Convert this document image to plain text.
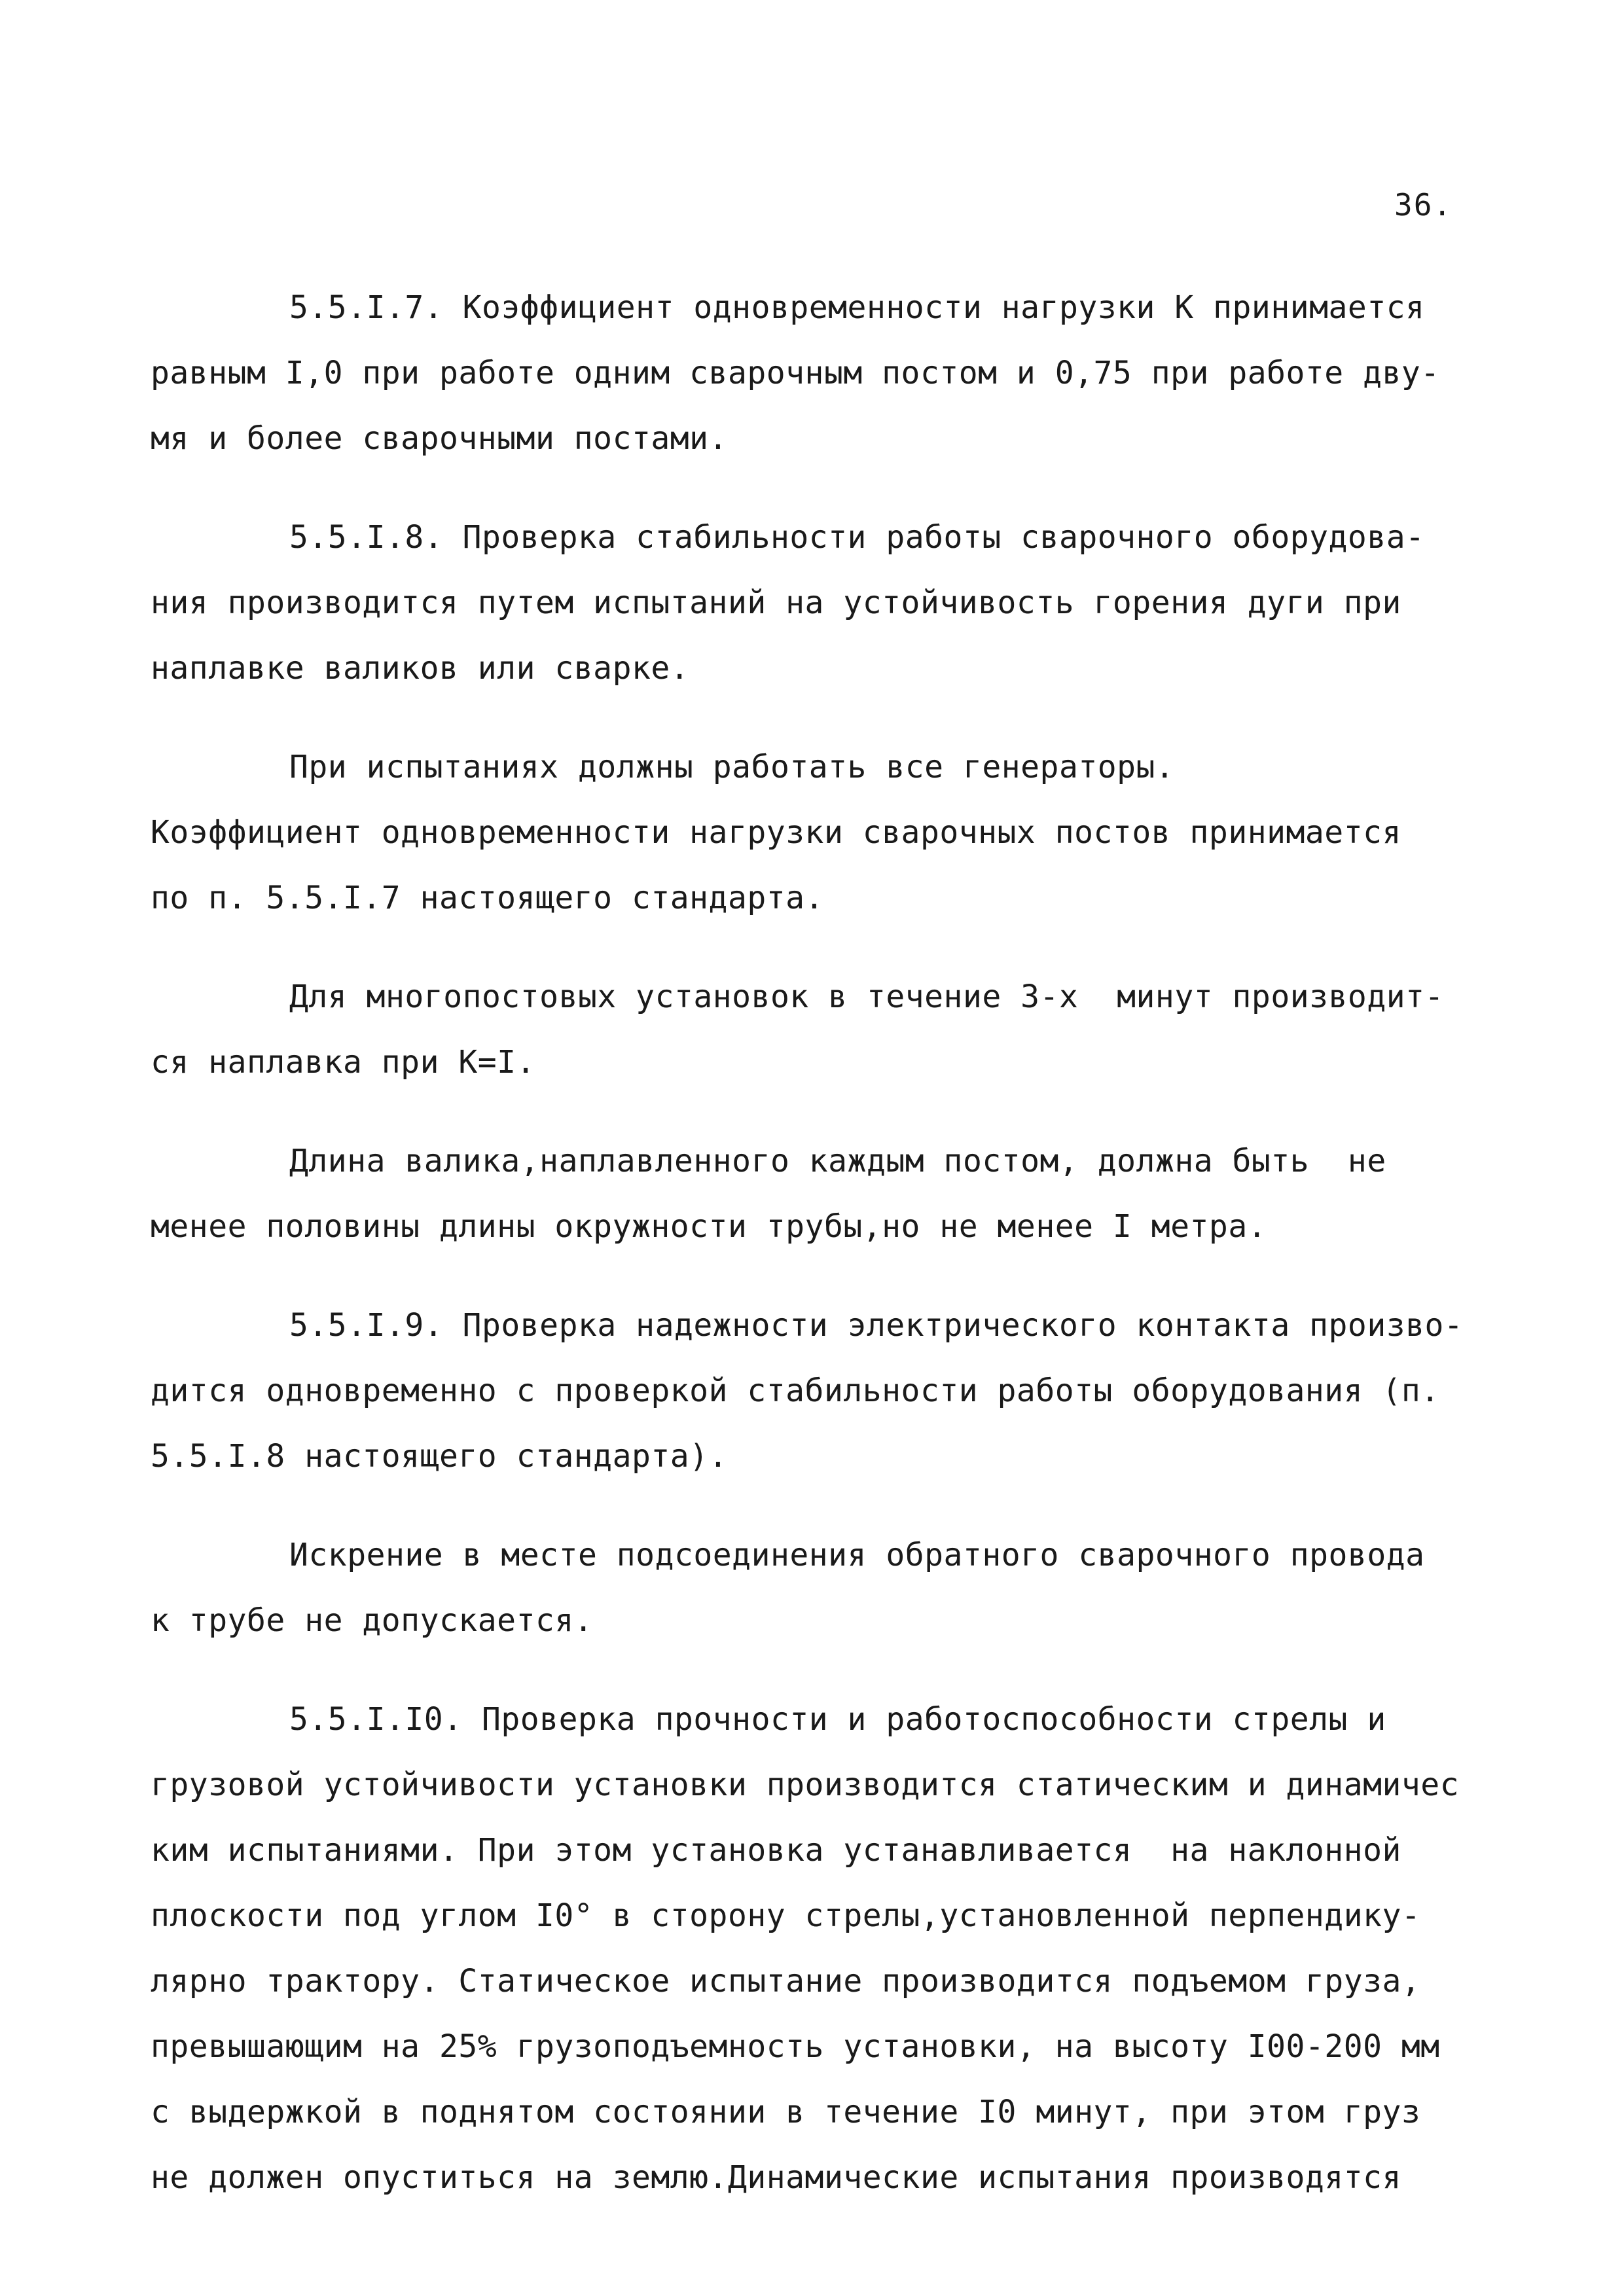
36.
5.5.I.7. Коэффициент одновременности нагрузки К принимается
равным I,0 при работе одним сварочным постом и 0,75 при работе дву-
мя и более сварочными постами.
5.5.I.8. Проверка стабильности работы сварочного оборудова-
ния производится путем испытаний на устойчивость горения дуги при
наплавке валиков или сварке.
При испытаниях должны работать все генераторы.
Коэффициент одновременности нагрузки сварочных постов принимается
по п. 5.5.I.7 настоящего стандарта.
Для многопостовых установок в течение 3-х  минут производит-
ся наплавка при К=I.
Длина валика,наплавленного каждым постом, должна быть  не
менее половины длины окружности трубы,но не менее I метра.
5.5.I.9. Проверка надежности электрического контакта произво-
дится одновременно с проверкой стабильности работы оборудования (п.
5.5.I.8 настоящего стандарта).
Искрение в месте подсоединения обратного сварочного провода
к трубе не допускается.
5.5.I.I0. Проверка прочности и работоспособности стрелы и
грузовой устойчивости установки производится статическим и динамичес
ким испытаниями. При этом установка устанавливается  на наклонной
плоскости под углом I0° в сторону стрелы,установленной перпендику-
лярно трактору. Статическое испытание производится подъемом груза,
превышающим на 25% грузоподъемность установки, на высоту I00-200 мм
с выдержкой в поднятом состоянии в течение I0 минут, при этом груз
не должен опуститься на землю.Динамические испытания производятся
